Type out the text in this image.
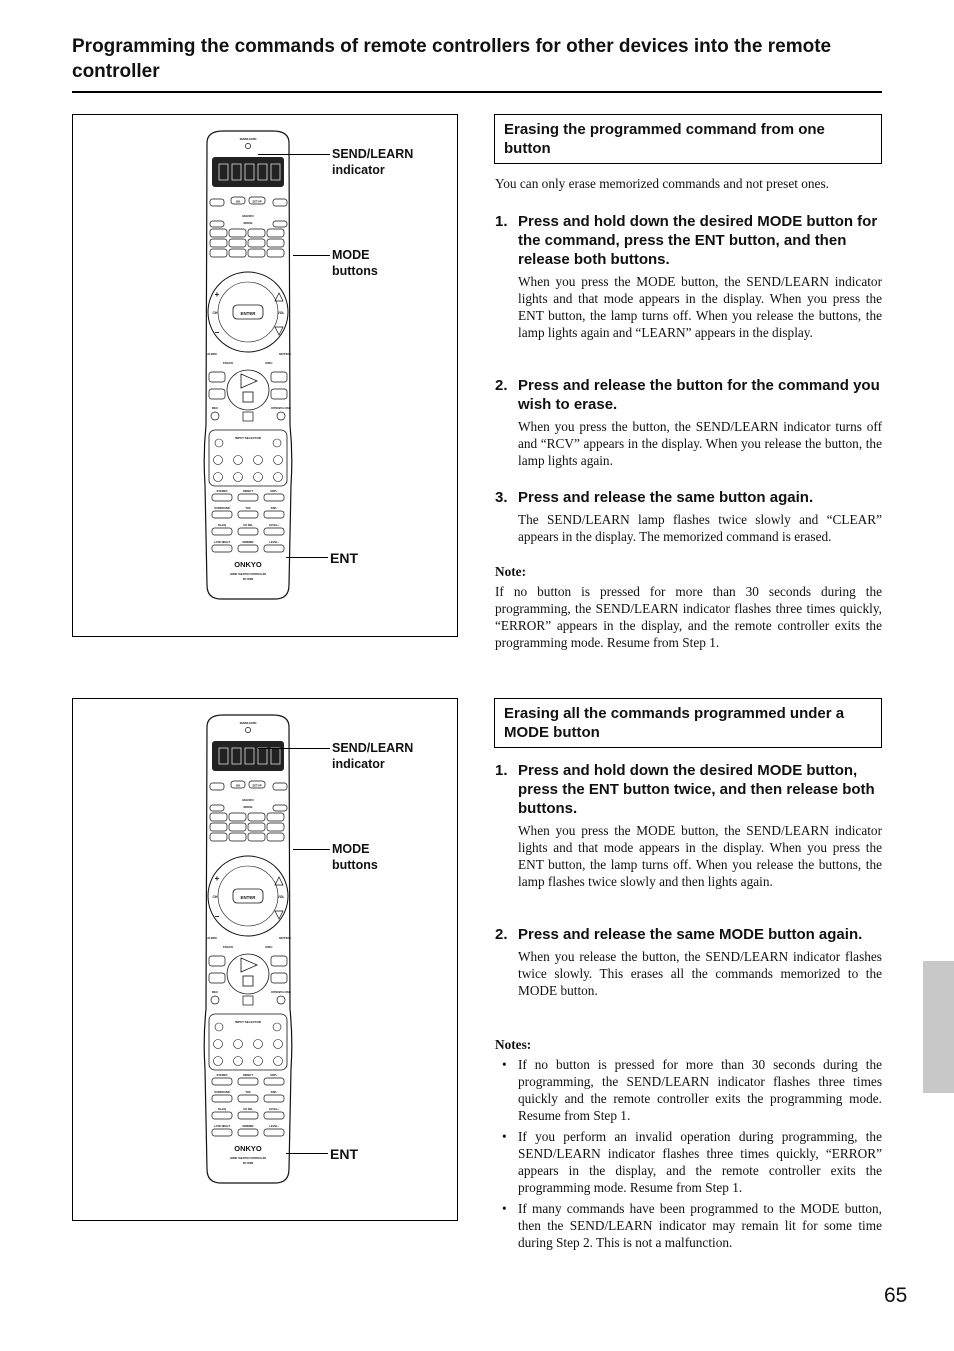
Programming the commands of remote controllers for other devices into the remote controller
SEND/LEARN
OK	SETUP
MACRO
MODE
ENTER
CH	VOL
+
−
AUDIO	MUTING
TRACK	DISC
REC	OPEN/CLOSE
INPUT SELECTOR
STEREO	DIRECT	DSP+
SURROUND	THX	DSP-
Re-EQ	CH SEL	LEVEL+
LATE NIGHT	DIMMER	LEVEL-
ONKYO
HOME THEATER CONTROLLER
RC-560M
SEND/LEARN
indicator
MODE
buttons
ENT
SEND/LEARN
OK	SETUP
MACRO
MODE
ENTER
CH	VOL
+
−
AUDIO	MUTING
TRACK	DISC
REC	OPEN/CLOSE
INPUT SELECTOR
STEREO	DIRECT	DSP+
SURROUND	THX	DSP-
Re-EQ	CH SEL	LEVEL+
LATE NIGHT	DIMMER	LEVEL-
ONKYO
HOME THEATER CONTROLLER
RC-560M
SEND/LEARN
indicator
MODE
buttons
ENT
Erasing the programmed command from one button

You can only erase memorized commands and not preset ones.

1. Press and hold down the desired MODE button for the command, press the ENT button, and then release both buttons.

When you press the MODE button, the SEND/LEARN indicator lights and that mode appears in the display. When you press the ENT button, the lamp turns off. When you release the buttons, the lamp lights again and “LEARN” appears in the display.

2. Press and release the button for the command you wish to erase.

When you press the button, the SEND/LEARN indicator turns off and “RCV” appears in the display. When you release the button, the lamp lights again.

3. Press and release the same button again.

The SEND/LEARN lamp flashes twice slowly and “CLEAR” appears in the display. The memorized command is erased.

Note:

If no button is pressed for more than 30 seconds during the programming, the SEND/LEARN indicator flashes three times quickly, “ERROR” appears in the display, and the remote controller exits the programming mode. Resume from Step 1.

Erasing all the commands programmed under a MODE button
1. Press and hold down the desired MODE button, press the ENT button twice, and then release both buttons.

When you press the MODE button, the SEND/LEARN indicator lights and that mode appears in the display. When you press the ENT button, the lamp turns off. When you release the buttons, the lamp flashes twice slowly and then lights again.

2. Press and release the same MODE button again.

When you release the button, the SEND/LEARN indicator flashes twice slowly. This erases all the commands memorized to the MODE button.

Notes:

• If no button is pressed for more than 30 seconds during the programming, the SEND/LEARN indicator flashes three times quickly and the remote controller exits the programming mode. Resume from Step 1.

• If you perform an invalid operation during programming, the SEND/LEARN indicator flashes three times quickly, “ERROR” appears in the display, and the remote controller exits the programming mode. Resume from Step 1.

• If many commands have been programmed to the MODE button, then the SEND/LEARN indicator may remain lit for some time during Step 2. This is not a malfunction.

65
